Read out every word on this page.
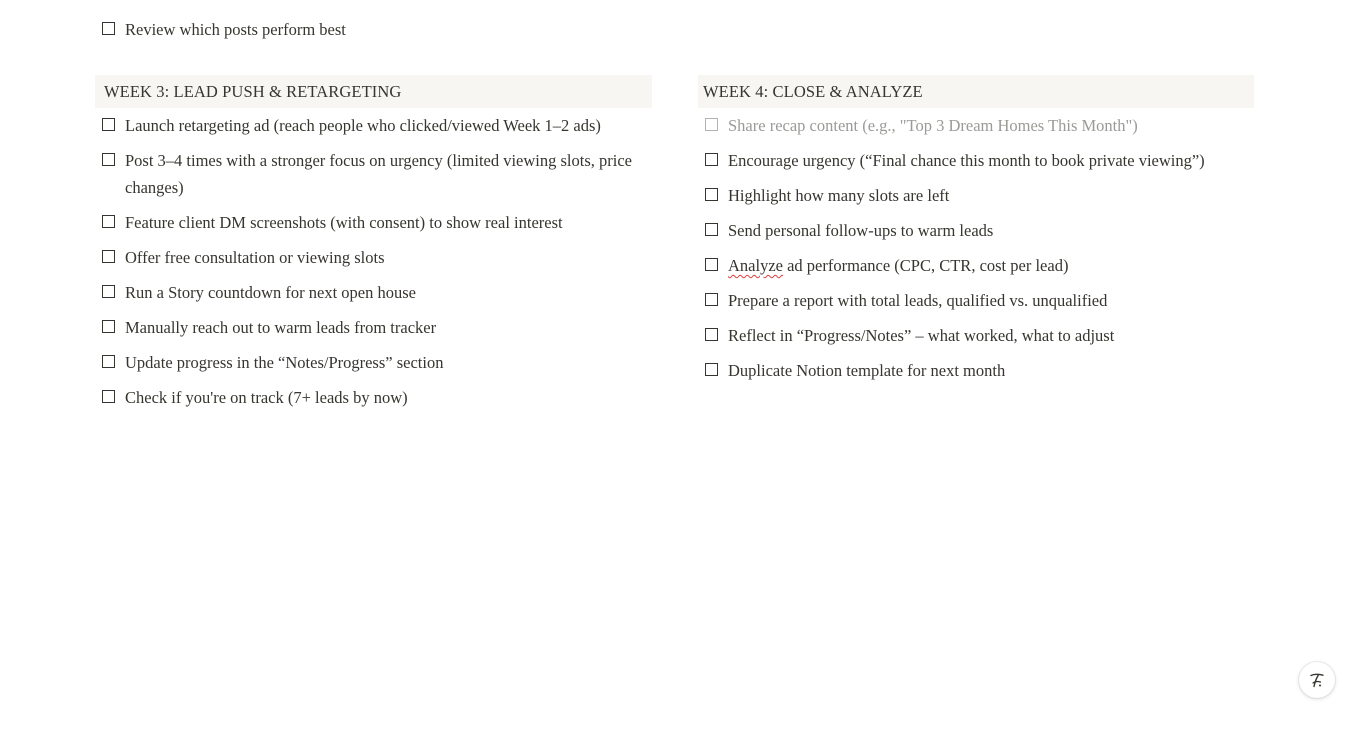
Review which posts perform best
WEEK 3: LEAD PUSH & RETARGETING
Launch retargeting ad (reach people who clicked/viewed Week 1–2 ads)
Post 3–4 times with a stronger focus on urgency (limited viewing slots, price changes)
Feature client DM screenshots (with consent) to show real interest
Offer free consultation or viewing slots
Run a Story countdown for next open house
Manually reach out to warm leads from tracker
Update progress in the “Notes/Progress” section
Check if you're on track (7+ leads by now)
WEEK 4: CLOSE & ANALYZE
Share recap content (e.g., "Top 3 Dream Homes This Month")
Encourage urgency (“Final chance this month to book private viewing”)
Highlight how many slots are left
Send personal follow-ups to warm leads
Analyze ad performance (CPC, CTR, cost per lead)
Prepare a report with total leads, qualified vs. unqualified
Reflect in “Progress/Notes” – what worked, what to adjust
Duplicate Notion template for next month
